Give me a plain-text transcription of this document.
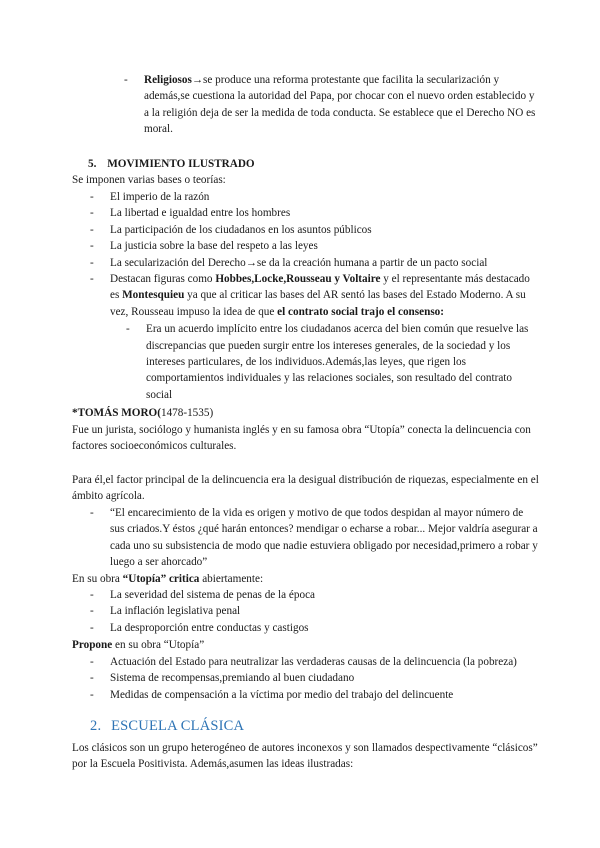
- Religiosos→se produce una reforma protestante que facilita la secularización y además,se cuestiona la autoridad del Papa, por chocar con el nuevo orden establecido y a la religión deja de ser la medida de toda conducta. Se establece que el Derecho NO es moral.

5. MOVIMIENTO ILUSTRADO

Se imponen varias bases o teorías:

- El imperio de la razón

- La libertad e igualdad entre los hombres

- La participación de los ciudadanos en los asuntos públicos

- La justicia sobre la base del respeto a las leyes

- La secularización del Derecho→se da la creación humana a partir de un pacto social

- Destacan figuras como Hobbes,Locke,Rousseau y Voltaire y el representante más destacado es Montesquieu ya que al criticar las bases del AR sentó las bases del Estado Moderno. A su vez, Rousseau impuso la idea de que el contrato social trajo el consenso:

- Era un acuerdo implícito entre los ciudadanos acerca del bien común que resuelve las discrepancias que pueden surgir entre los intereses generales, de la sociedad y los intereses particulares, de los individuos.Además,las leyes, que rigen los comportamientos individuales y las relaciones sociales, son resultado del contrato social

*TOMÁS MORO(1478-1535)

Fue un jurista, sociólogo y humanista inglés y en su famosa obra “Utopía” conecta la delincuencia con factores socioeconómicos culturales.

Para él,el factor principal de la delincuencia era la desigual distribución de riquezas, especialmente en el ámbito agrícola.

- “El encarecimiento de la vida es origen y motivo de que todos despidan al mayor número de sus criados.Y éstos ¿qué harán entonces? mendigar o echarse a robar... Mejor valdría asegurar a cada uno su subsistencia de modo que nadie estuviera obligado por necesidad,primero a robar y luego a ser ahorcado”

En su obra “Utopía” critica abiertamente:

- La severidad del sistema de penas de la época

- La inflación legislativa penal

- La desproporción entre conductas y castigos

Propone en su obra “Utopía”

- Actuación del Estado para neutralizar las verdaderas causas de la delincuencia (la pobreza)

- Sistema de recompensas,premiando al buen ciudadano

- Medidas de compensación a la víctima por medio del trabajo del delincuente

2. ESCUELA CLÁSICA

Los clásicos son un grupo heterogéneo de autores inconexos y son llamados despectivamente “clásicos” por la Escuela Positivista. Además,asumen las ideas ilustradas:
